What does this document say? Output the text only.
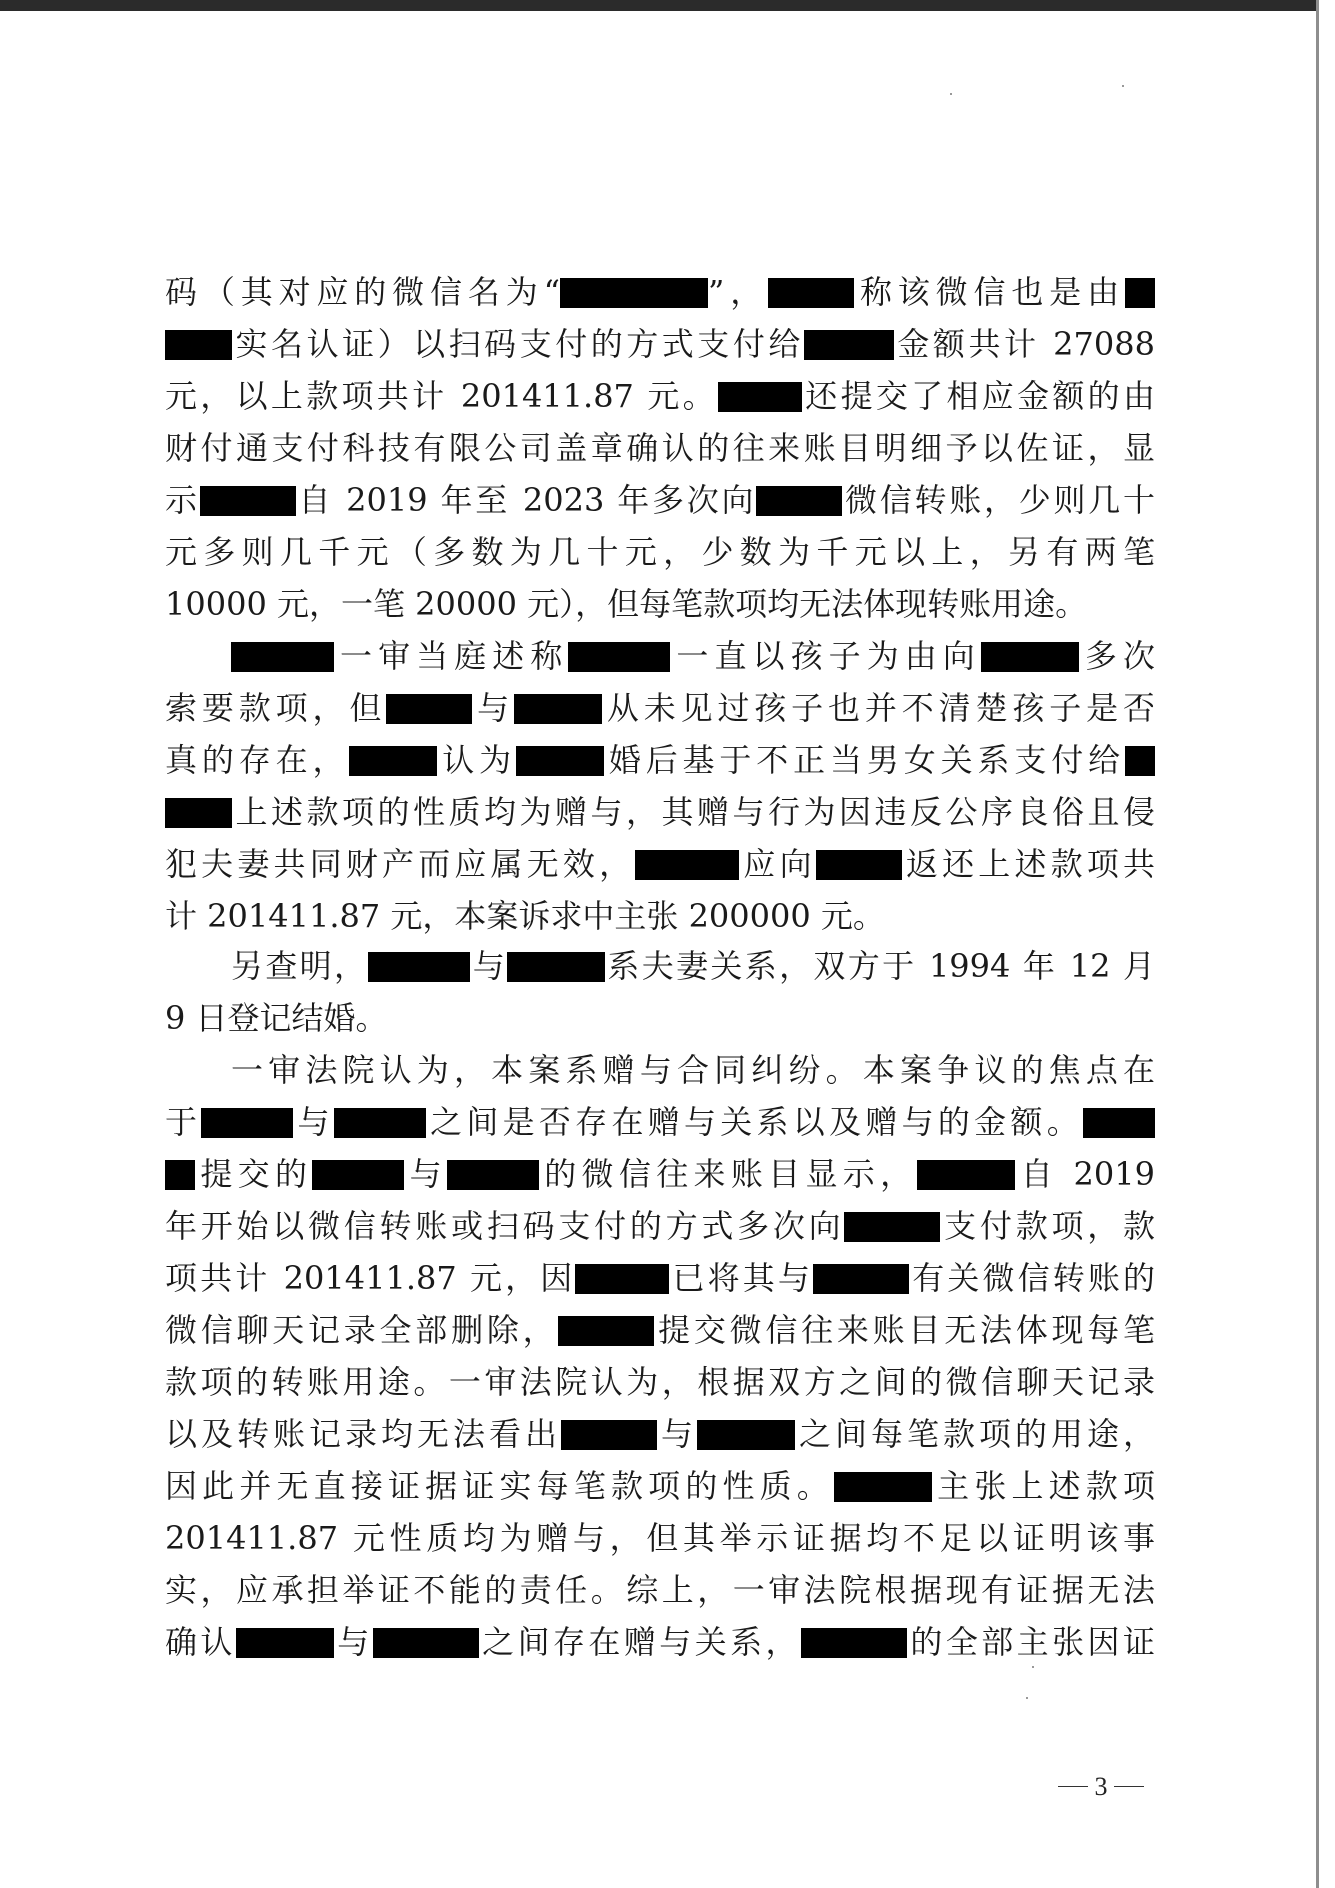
码（其对应的微信名为“	”，	称该微信也是由
实名认证）以扫码支付的方式支付给	金额共计 27088
元，以上款项共计 201411.87 元。	还提交了相应金额的由
财付通支付科技有限公司盖章确认的往来账目明细予以佐证，显
示	自 2019 年至 2023 年多次向	微信转账，少则几十
元多则几千元（多数为几十元，少数为千元以上，另有两笔
10000 元，一笔 20000 元），但每笔款项均无法体现转账用途。
一审当庭述称	一直以孩子为由向	多次
索要款项，但	与	从未见过孩子也并不清楚孩子是否
真的存在，	认为	婚后基于不正当男女关系支付给
上述款项的性质均为赠与，其赠与行为因违反公序良俗且侵
犯夫妻共同财产而应属无效，	应向	返还上述款项共
计 201411.87 元，本案诉求中主张 200000 元。
另查明，	与	系夫妻关系，双方于 1994 年 12 月
9 日登记结婚。
一审法院认为，本案系赠与合同纠纷。本案争议的焦点在
于	与	之间是否存在赠与关系以及赠与的金额。
提交的	与	的微信往来账目显示，	自 2019
年开始以微信转账或扫码支付的方式多次向	支付款项，款
项共计 201411.87 元，因	已将其与	有关微信转账的
微信聊天记录全部删除，	提交微信往来账目无法体现每笔
款项的转账用途。一审法院认为，根据双方之间的微信聊天记录
以及转账记录均无法看出	与	之间每笔款项的用途，
因此并无直接证据证实每笔款项的性质。	主张上述款项
201411.87 元性质均为赠与，但其举示证据均不足以证明该事
实，应承担举证不能的责任。综上，一审法院根据现有证据无法
确认	与	之间存在赠与关系，	的全部主张因证
3
